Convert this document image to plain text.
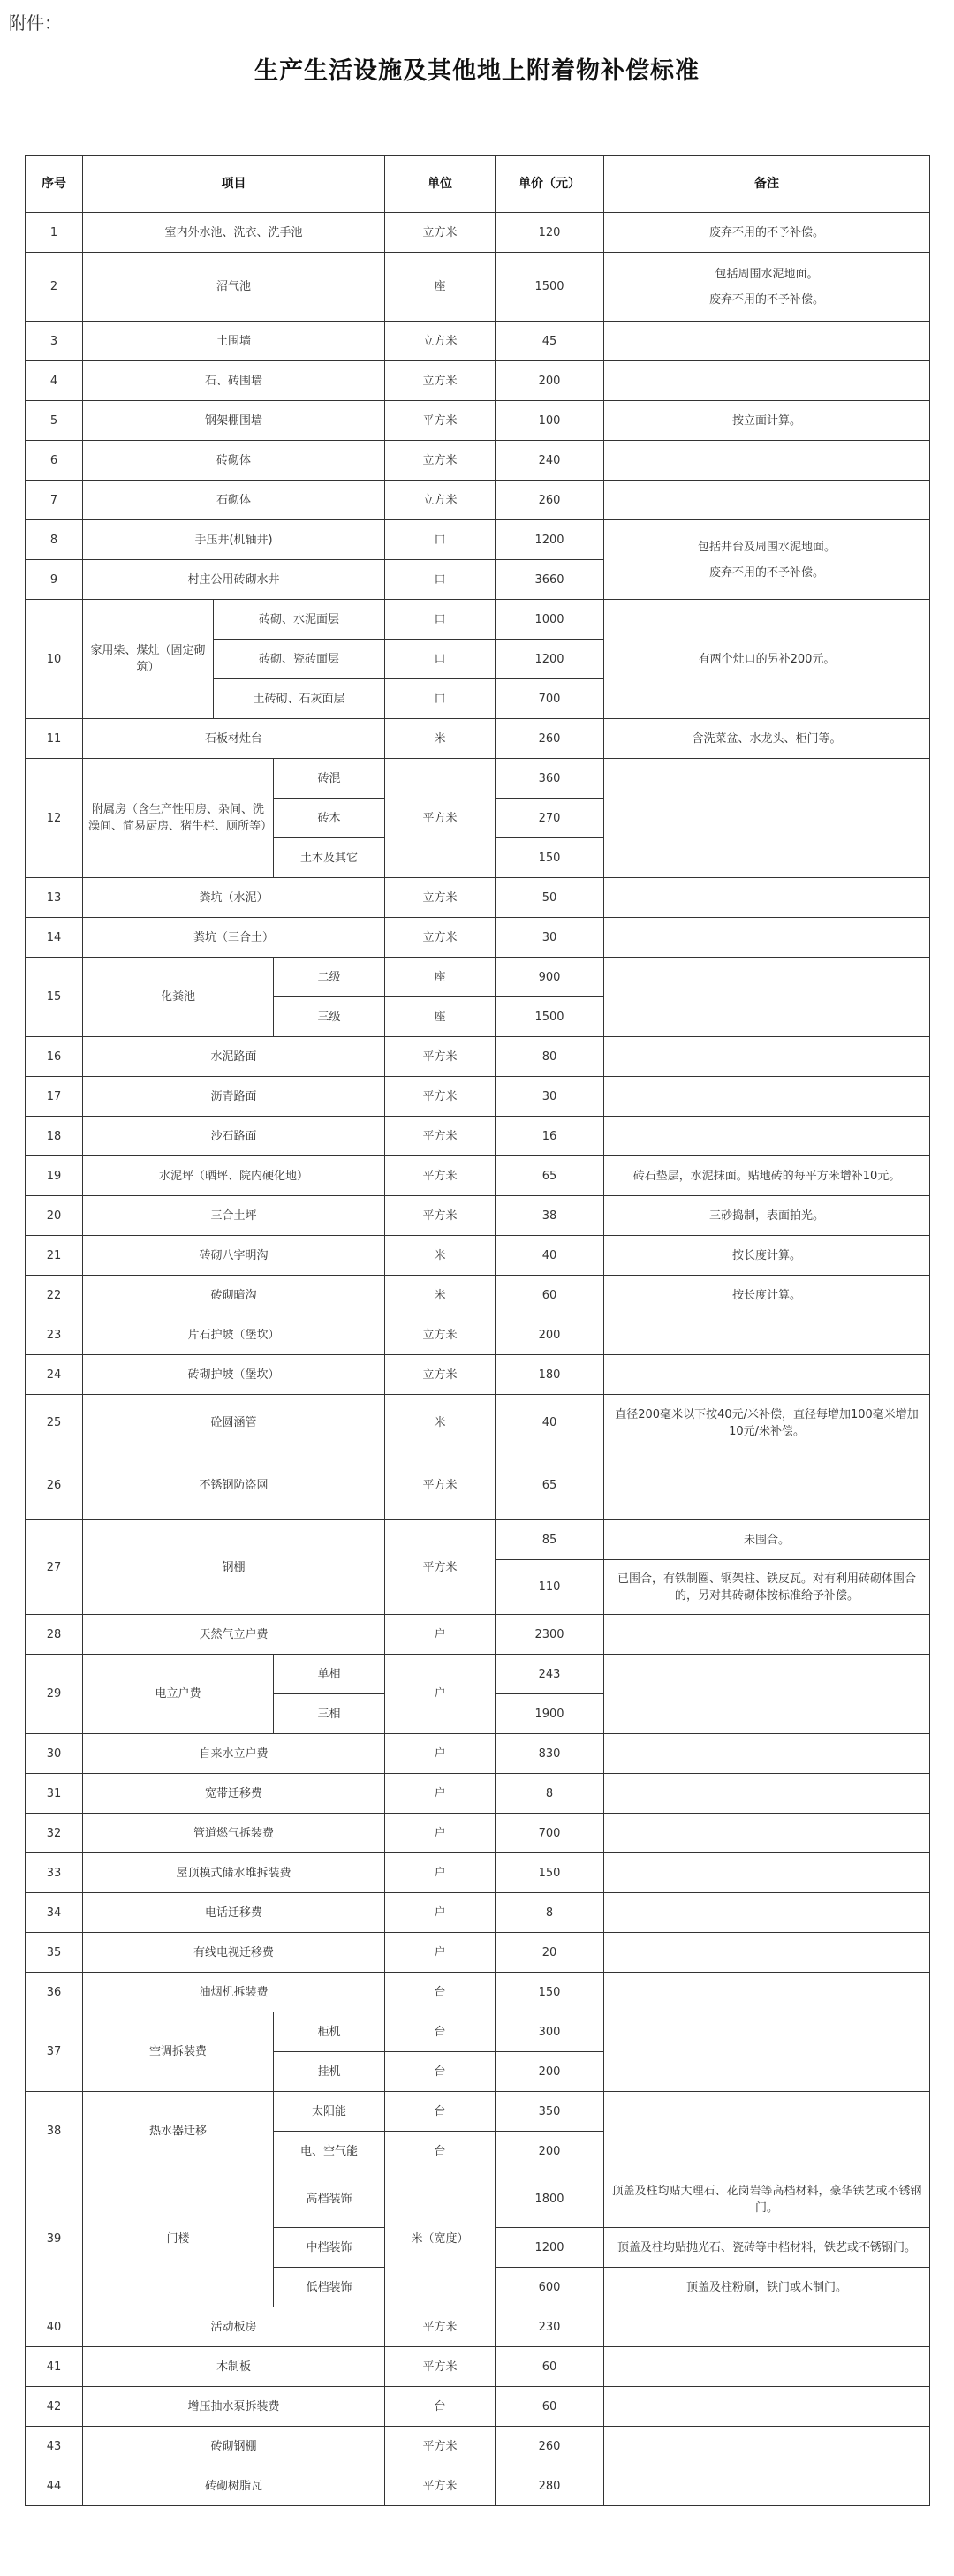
附件：
生产生活设施及其他地上附着物补偿标准
序号	项目			单位	单价（元）	备注
1	室内外水池、洗衣、洗手池			立方米	120	废弃不用的不予补偿。
2	沼气池			座	1500	包括周围水泥地面。
废弃不用的不予补偿。

3	土围墙			立方米	45	
4	石、砖围墙			立方米	200	
5	钢架棚围墙			平方米	100	按立面计算。
6	砖砌体			立方米	240	
7	石砌体			立方米	260	
8	手压井(机轴井)			口	1200	包括井台及周围水泥地面。
废弃不用的不予补偿。

9	村庄公用砖砌水井			口	3660	
10	家用柴、煤灶（固定砌筑）	砖砌、水泥面层		口	1000	有两个灶口的另补200元。
		砖砌、瓷砖面层		口	1200	
		土砖砌、石灰面层		口	700	
11	石板材灶台			米	260	含洗菜盆、水龙头、柜门等。
12	附属房（含生产性用房、杂间、洗澡间、简易厨房、猪牛栏、厕所等）		砖混	平方米	360	
			砖木		270	
			土木及其它		150	
13	粪坑（水泥）			立方米	50	
14	粪坑（三合土）			立方米	30	
15	化粪池		二级	座	900	
			三级	座	1500	
16	水泥路面			平方米	80	
17	沥青路面			平方米	30	
18	沙石路面			平方米	16	
19	水泥坪（晒坪、院内硬化地）			平方米	65	砖石垫层，水泥抹面。贴地砖的每平方米增补10元。
20	三合土坪			平方米	38	三砂捣制，表面拍光。
21	砖砌八字明沟			米	40	按长度计算。
22	砖砌暗沟			米	60	按长度计算。
23	片石护坡（堡坎）			立方米	200	
24	砖砌护坡（堡坎）			立方米	180	
25	砼圆涵管			米	40	直径200毫米以下按40元/米补偿，直径每增加100毫米增加10元/米补偿。
26	不锈钢防盗网			平方米	65	
27	钢棚			平方米	85	未围合。
					110	已围合，有铁制圈、钢架柱、铁皮瓦。对有利用砖砌体围合的，另对其砖砌体按标准给予补偿。
28	天然气立户费			户	2300	
29	电立户费		单相	户	243	
			三相		1900	
30	自来水立户费			户	830	
31	宽带迁移费			户	8	
32	管道燃气拆装费			户	700	
33	屋顶模式储水堆拆装费			户	150	
34	电话迁移费			户	8	
35	有线电视迁移费			户	20	
36	油烟机拆装费			台	150	
37	空调拆装费		柜机	台	300	
			挂机	台	200	
38	热水器迁移		太阳能	台	350	
			电、空气能	台	200	
39	门楼		高档装饰	米（宽度）	1800	顶盖及柱均贴大理石、花岗岩等高档材料，豪华铁艺或不锈钢门。
			中档装饰		1200	顶盖及柱均贴抛光石、瓷砖等中档材料，铁艺或不锈钢门。
			低档装饰		600	顶盖及柱粉刷，铁门或木制门。
40	活动板房			平方米	230	
41	木制板			平方米	60	
42	增压抽水泵拆装费			台	60	
43	砖砌钢棚			平方米	260	
44	砖砌树脂瓦			平方米	280	
